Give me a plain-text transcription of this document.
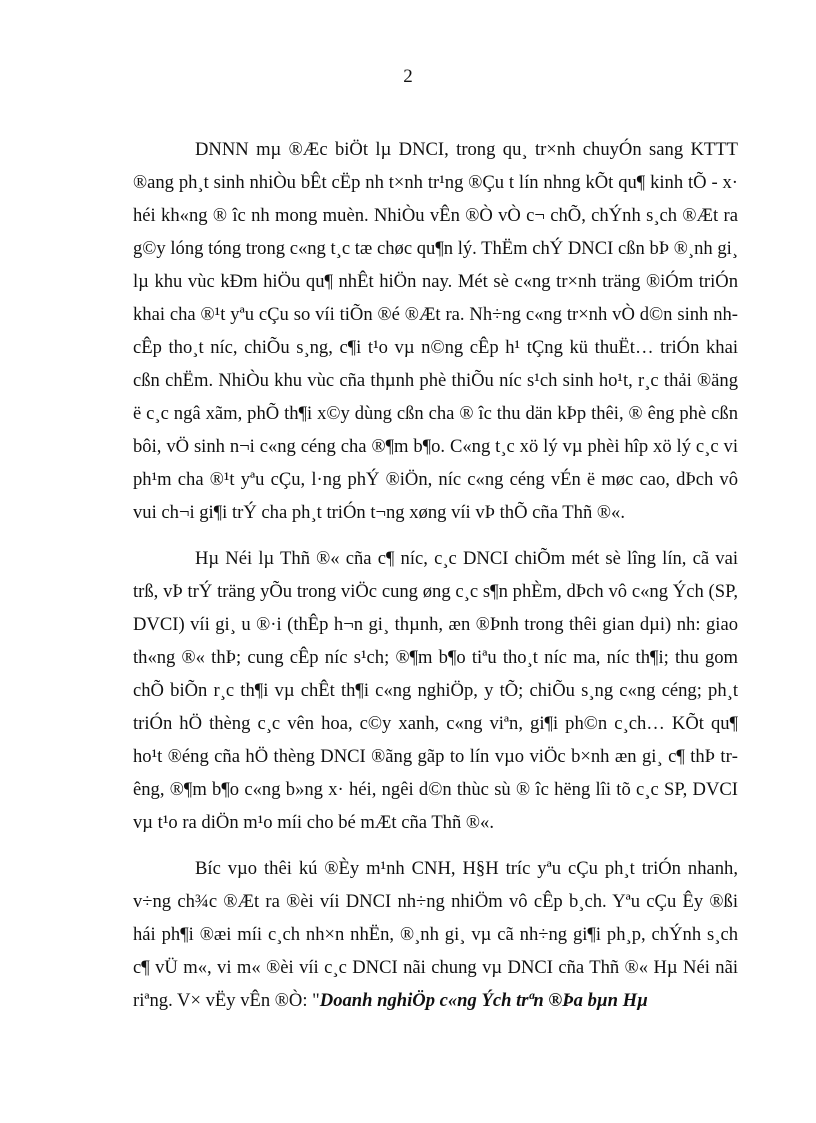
2

DNNN mµ ®Æc biÖt lµ DNCI, trong qu¸ tr×nh chuyÓn sang KTTT ®ang ph¸t sinh nhiÒu bÊt cËp nh t×nh tr¹ng ®Çu t lín nhng kÕt qu¶ kinh tÕ - x· héi kh«ng ® îc nh mong muèn. NhiÒu vÊn ®Ò vÒ c¬ chÕ, chÝnh s¸ch ®Æt ra g©y lóng tóng trong c«ng t¸c tæ chøc qu¶n lý. ThËm chÝ DNCI cßn bÞ ®¸nh gi¸ lµ khu vùc kÐm hiÖu qu¶ nhÊt hiÖn nay. Mét sè c«ng tr×nh träng ®iÓm triÓn khai cha ®¹t yªu cÇu so víi tiÕn ®é ®Æt ra. Nh÷ng c«ng tr×nh vÒ d©n sinh nh cÊp tho¸t níc, chiÕu s¸ng, c¶i t¹o vµ n©ng cÊp h¹ tÇng kü thuËt… triÓn khai cßn chËm. NhiÒu khu vùc cña thµnh phè thiÕu níc s¹ch sinh ho¹t, r¸c thải ®äng ë c¸c ngâ xãm, phÕ th¶i x©y dùng cßn cha ® îc thu dän kÞp thêi, ® êng phè cßn bôi, vÖ sinh n¬i c«ng céng cha ®¶m b¶o. C«ng t¸c xö lý vµ phèi hîp xö lý c¸c vi ph¹m cha ®¹t yªu cÇu, l·ng phÝ ®iÖn, níc c«ng céng vÉn ë møc cao, dÞch vô vui ch¬i gi¶i trÝ cha ph¸t triÓn t¬ng xøng víi vÞ thÕ cña Thñ ®«.

Hµ Néi lµ Thñ ®« cña c¶ níc, c¸c DNCI chiÕm mét sè lîng lín, cã vai trß, vÞ trÝ träng yÕu trong viÖc cung øng c¸c s¶n phÈm, dÞch vô c«ng Ých (SP, DVCI) víi gi¸ u ®·i (thÊp h¬n gi¸ thµnh, æn ®Þnh trong thêi gian dµi) nh: giao th«ng ®« thÞ; cung cÊp níc s¹ch; ®¶m b¶o tiªu tho¸t níc ma, níc th¶i; thu gom chÕ biÕn r¸c th¶i vµ chÊt th¶i c«ng nghiÖp, y tÕ; chiÕu s¸ng c«ng céng; ph¸t triÓn hÖ thèng c¸c vên hoa, c©y xanh, c«ng viªn, gi¶i ph©n c¸ch… KÕt qu¶ ho¹t ®éng cña hÖ thèng DNCI ®ãng gãp to lín vµo viÖc b×nh æn gi¸ c¶ thÞ trêng, ®¶m b¶o c«ng b»ng x· héi, ngêi d©n thùc sù ® îc hëng lîi tõ c¸c SP, DVCI vµ t¹o ra diÖn m¹o míi cho bé mÆt cña Thñ ®«.

Bíc vµo thêi kú ®Èy m¹nh CNH, H§H tríc yªu cÇu ph¸t triÓn nhanh, v÷ng ch¾c ®Æt ra ®èi víi DNCI nh÷ng nhiÖm vô cÊp b¸ch. Yªu cÇu Êy ®ßi hái ph¶i ®æi míi c¸ch nh×n nhËn, ®¸nh gi¸ vµ cã nh÷ng gi¶i ph¸p, chÝnh s¸ch c¶ vÜ m«, vi m« ®èi víi c¸c DNCI nãi chung vµ DNCI cña Thñ ®« Hµ Néi nãi riªng. V× vËy vÊn ®Ò: "Doanh nghiÖp c«ng Ých trªn ®Þa bµn Hµ
